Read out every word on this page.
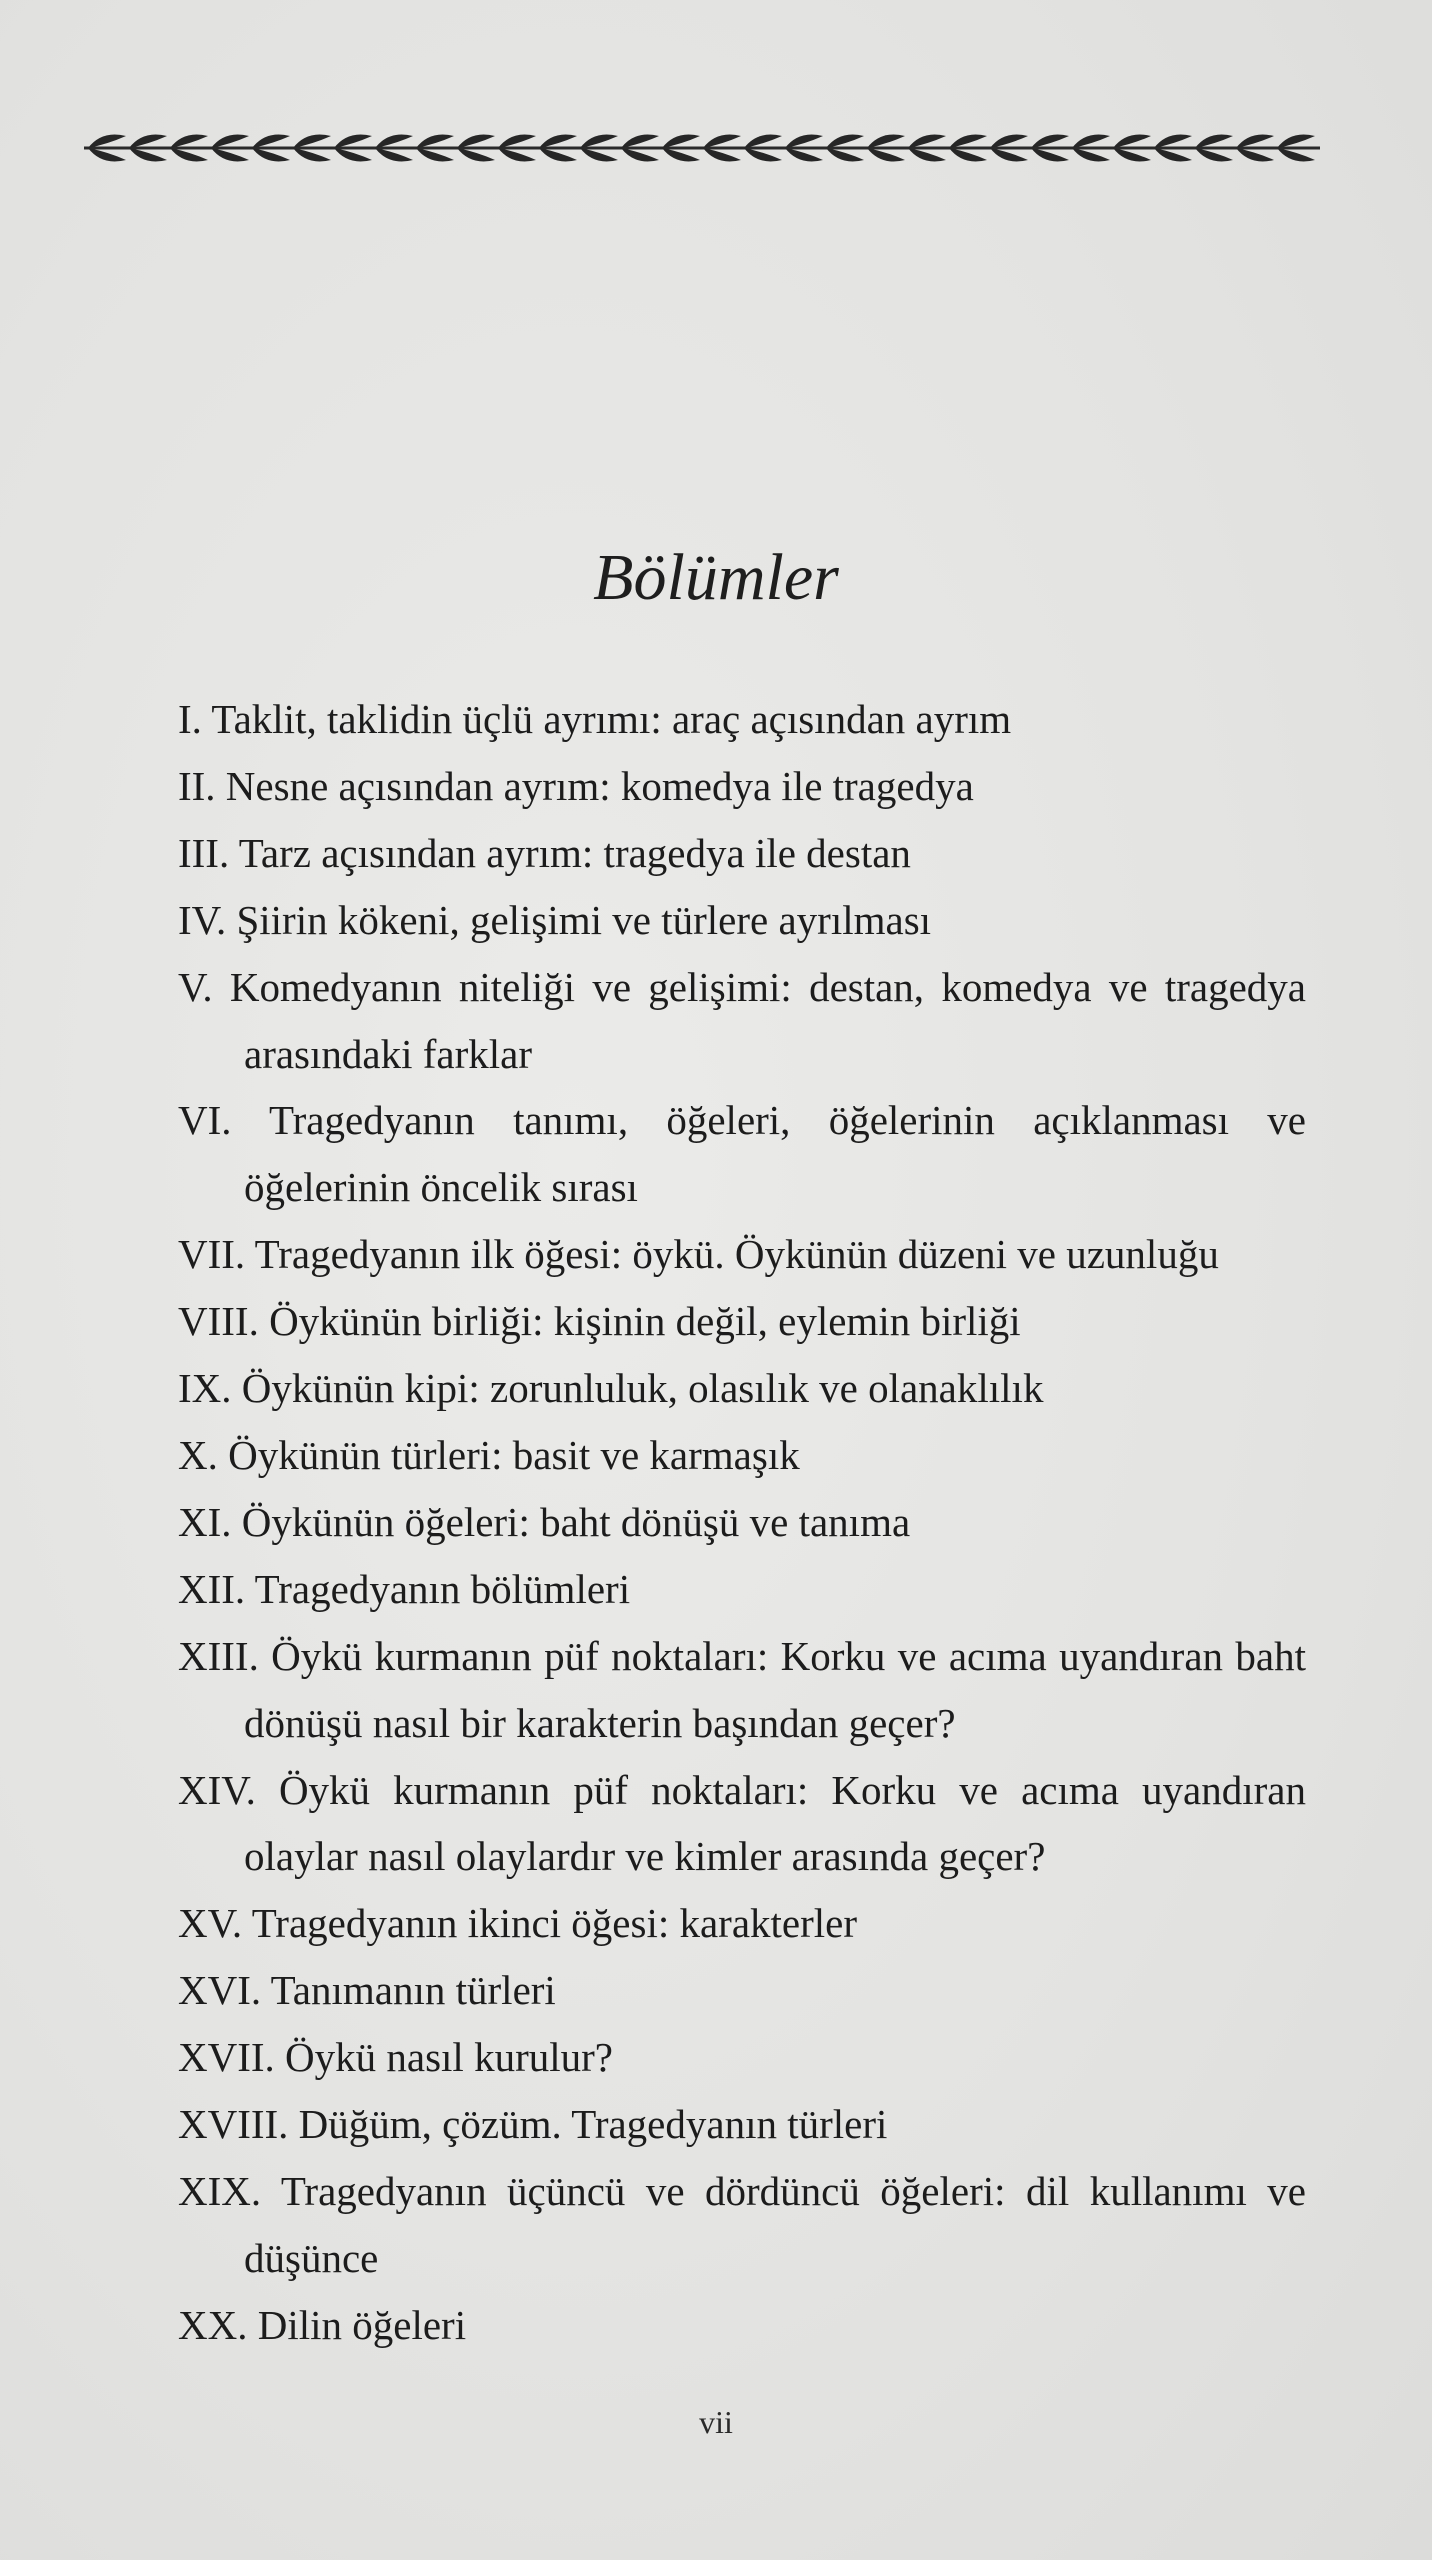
Bölümler
I. Taklit, taklidin üçlü ayrımı: araç açısından ayrım
II. Nesne açısından ayrım: komedya ile tragedya
III. Tarz açısından ayrım: tragedya ile destan
IV. Şiirin kökeni, gelişimi ve türlere ayrılması
V. Komedyanın niteliği ve gelişimi: destan, komedya ve tragedya arasındaki farklar
VI. Tragedyanın tanımı, öğeleri, öğelerinin açıklanması ve öğelerinin öncelik sırası
VII. Tragedyanın ilk öğesi: öykü. Öykünün düzeni ve uzunluğu
VIII. Öykünün birliği: kişinin değil, eylemin birliği
IX. Öykünün kipi: zorunluluk, olasılık ve olanaklılık
X. Öykünün türleri: basit ve karmaşık
XI. Öykünün öğeleri: baht dönüşü ve tanıma
XII. Tragedyanın bölümleri
XIII. Öykü kurmanın püf noktaları: Korku ve acıma uyandıran baht dönüşü nasıl bir karakterin başından geçer?
XIV. Öykü kurmanın püf noktaları: Korku ve acıma uyandıran olaylar nasıl olaylardır ve kimler arasında geçer?
XV. Tragedyanın ikinci öğesi: karakterler
XVI. Tanımanın türleri
XVII. Öykü nasıl kurulur?
XVIII. Düğüm, çözüm. Tragedyanın türleri
XIX. Tragedyanın üçüncü ve dördüncü öğeleri: dil kullanımı ve düşünce
XX. Dilin öğeleri
vii
